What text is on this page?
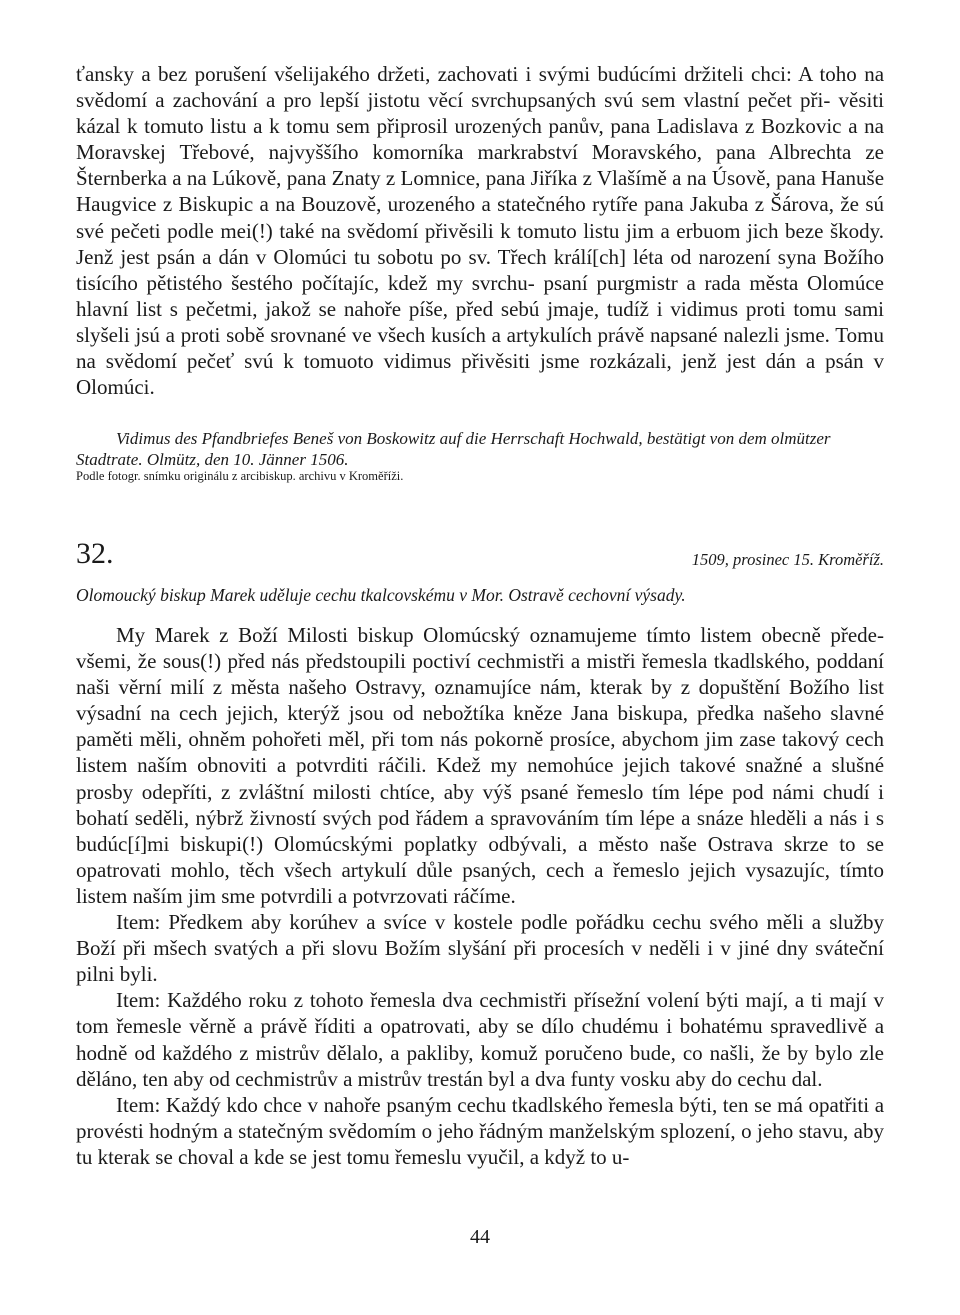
ťansky a bez porušení všelijakého držeti, zachovati i svými budúcími držiteli chci: A toho na svědomí a zachování a pro lepší jistotu věcí svrchupsaných svú sem vlastní pečet při- věsiti kázal k tomuto listu a k tomu sem připrosil urozených panův, pana Ladislava z Bozkovic a na Moravskej Třebové, najvyššího komorníka markrabství Moravského, pana Albrechta ze Šternberka a na Lúkově, pana Znaty z Lomnice, pana Jiříka z Vlašímě a na Úsově, pana Hanuše Haugvice z Biskupic a na Bouzově, urozeného a statečného rytíře pana Jakuba z Šárova, že sú své pečeti podle mei(!) také na svědomí přivěsili k tomuto listu jim a erbuom jich beze škody. Jenž jest psán a dán v Olomúci tu sobotu po sv. Třech králí[ch] léta od narození syna Božího tisícího pětistého šestého počítajíc, kdež my svrchu- psaní purgmistr a rada města Olomúce hlavní list s pečetmi, jakož se nahoře píše, před sebú jmaje, tudíž i vidimus proti tomu sami slyšeli jsú a proti sobě srovnané ve všech kusích a artykulích právě napsané nalezli jsme. Tomu na svědomí pečeť svú k tomuoto vidimus přivěsiti jsme rozkázali, jenž jest dán a psán v Olomúci.

Vidimus des Pfandbriefes Beneš von Boskowitz auf die Herrschaft Hochwald, bestätigt von dem olmützer Stadtrate. Olmütz, den 10. Jänner 1506.

Podle fotogr. snímku originálu z arcibiskup. archivu v Kroměříži.
32.	1509, prosinec 15. Kroměříž.
Olomoucký biskup Marek uděluje cechu tkalcovskému v Mor. Ostravě cechovní výsady.

My Marek z Boží Milosti biskup Olomúcský oznamujeme tímto listem obecně přede- všemi, že sous(!) před nás předstoupili poctiví cechmistři a mistři řemesla tkadlského, poddaní naši věrní milí z města našeho Ostravy, oznamujíce nám, kterak by z dopuštění Božího list výsadní na cech jejich, kterýž jsou od nebožtíka kněze Jana biskupa, předka našeho slavné paměti měli, ohněm pohořeti měl, při tom nás pokorně prosíce, abychom jim zase takový cech listem naším obnoviti a potvrditi ráčili. Kdež my nemohúce jejich takové snažné a slušné prosby odepříti, z zvláštní milosti chtíce, aby výš psané řemeslo tím lépe pod námi chudí i bohatí seděli, nýbrž živností svých pod řádem a spravováním tím lépe a snáze hleděli a nás i s budúc[í]mi biskupi(!) Olomúcskými poplatky odbývali, a město naše Ostrava skrze to se opatrovati mohlo, těch všech artykulí důle psaných, cech a řemeslo jejich vysazujíc, tímto listem naším jim sme potvrdili a potvrzovati ráčíme.

Item: Předkem aby korúhev a svíce v kostele podle pořádku cechu svého měli a služby Boží při mšech svatých a při slovu Božím slyšání při procesích v neděli i v jiné dny sváteční pilni byli.

Item: Každého roku z tohoto řemesla dva cechmistři přísežní volení býti mají, a ti mají v tom řemesle věrně a právě říditi a opatrovati, aby se dílo chudému i bohatému spravedlivě a hodně od každého z mistrův dělalo, a pakliby, komuž poručeno bude, co našli, že by bylo zle děláno, ten aby od cechmistrův a mistrův trestán byl a dva funty vosku aby do cechu dal.

Item: Každý kdo chce v nahoře psaným cechu tkadlského řemesla býti, ten se má opatřiti a provésti hodným a statečným svědomím o jeho řádným manželským splození, o jeho stavu, aby tu kterak se choval a kde se jest tomu řemeslu vyučil, a když to u-

44
